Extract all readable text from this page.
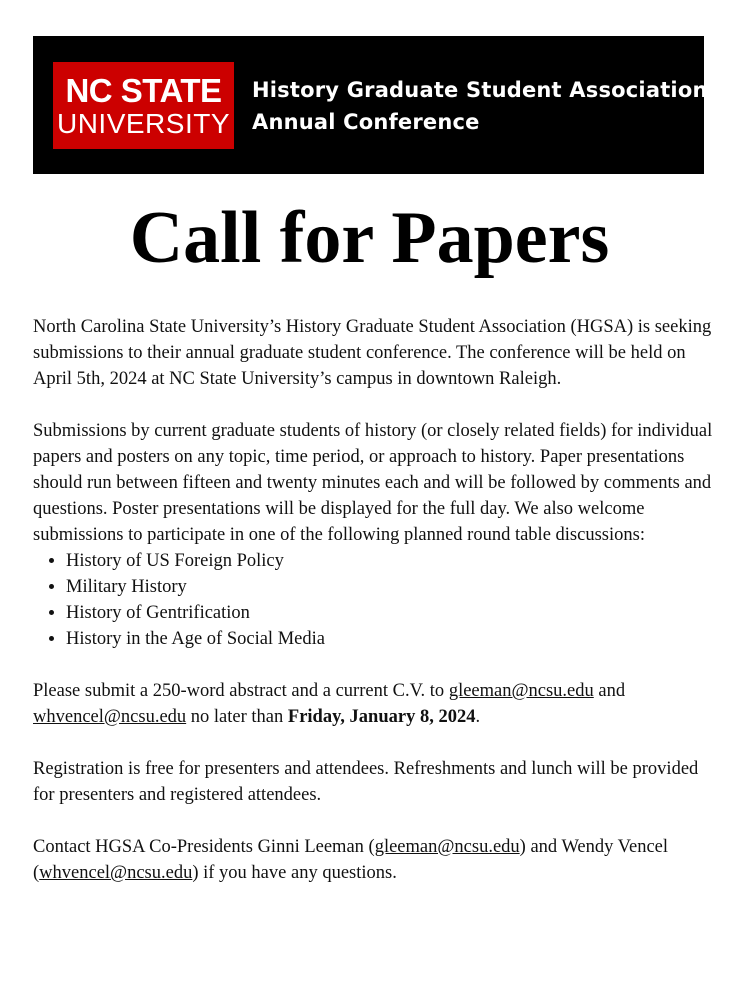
NC STATE
UNIVERSITY
History Graduate Student Association
Annual Conference
Call for Papers

North Carolina State University’s History Graduate Student Association (HGSA) is seeking submissions to their annual graduate student conference. The conference will be held on April 5th, 2024 at NC State University’s campus in downtown Raleigh.

Submissions by current graduate students of history (or closely related fields) for individual papers and posters on any topic, time period, or approach to history. Paper presentations should run between fifteen and twenty minutes each and will be followed by comments and questions. Poster presentations will be displayed for the full day. We also welcome submissions to participate in one of the following planned round table discussions:

• History of US Foreign Policy
• Military History
• History of Gentrification
• History in the Age of Social Media

Please submit a 250-word abstract and a current C.V. to gleeman@ncsu.edu and whvencel@ncsu.edu no later than Friday, January 8, 2024.

Registration is free for presenters and attendees. Refreshments and lunch will be provided for presenters and registered attendees.

Contact HGSA Co-Presidents Ginni Leeman (gleeman@ncsu.edu) and Wendy Vencel (whvencel@ncsu.edu) if you have any questions.
